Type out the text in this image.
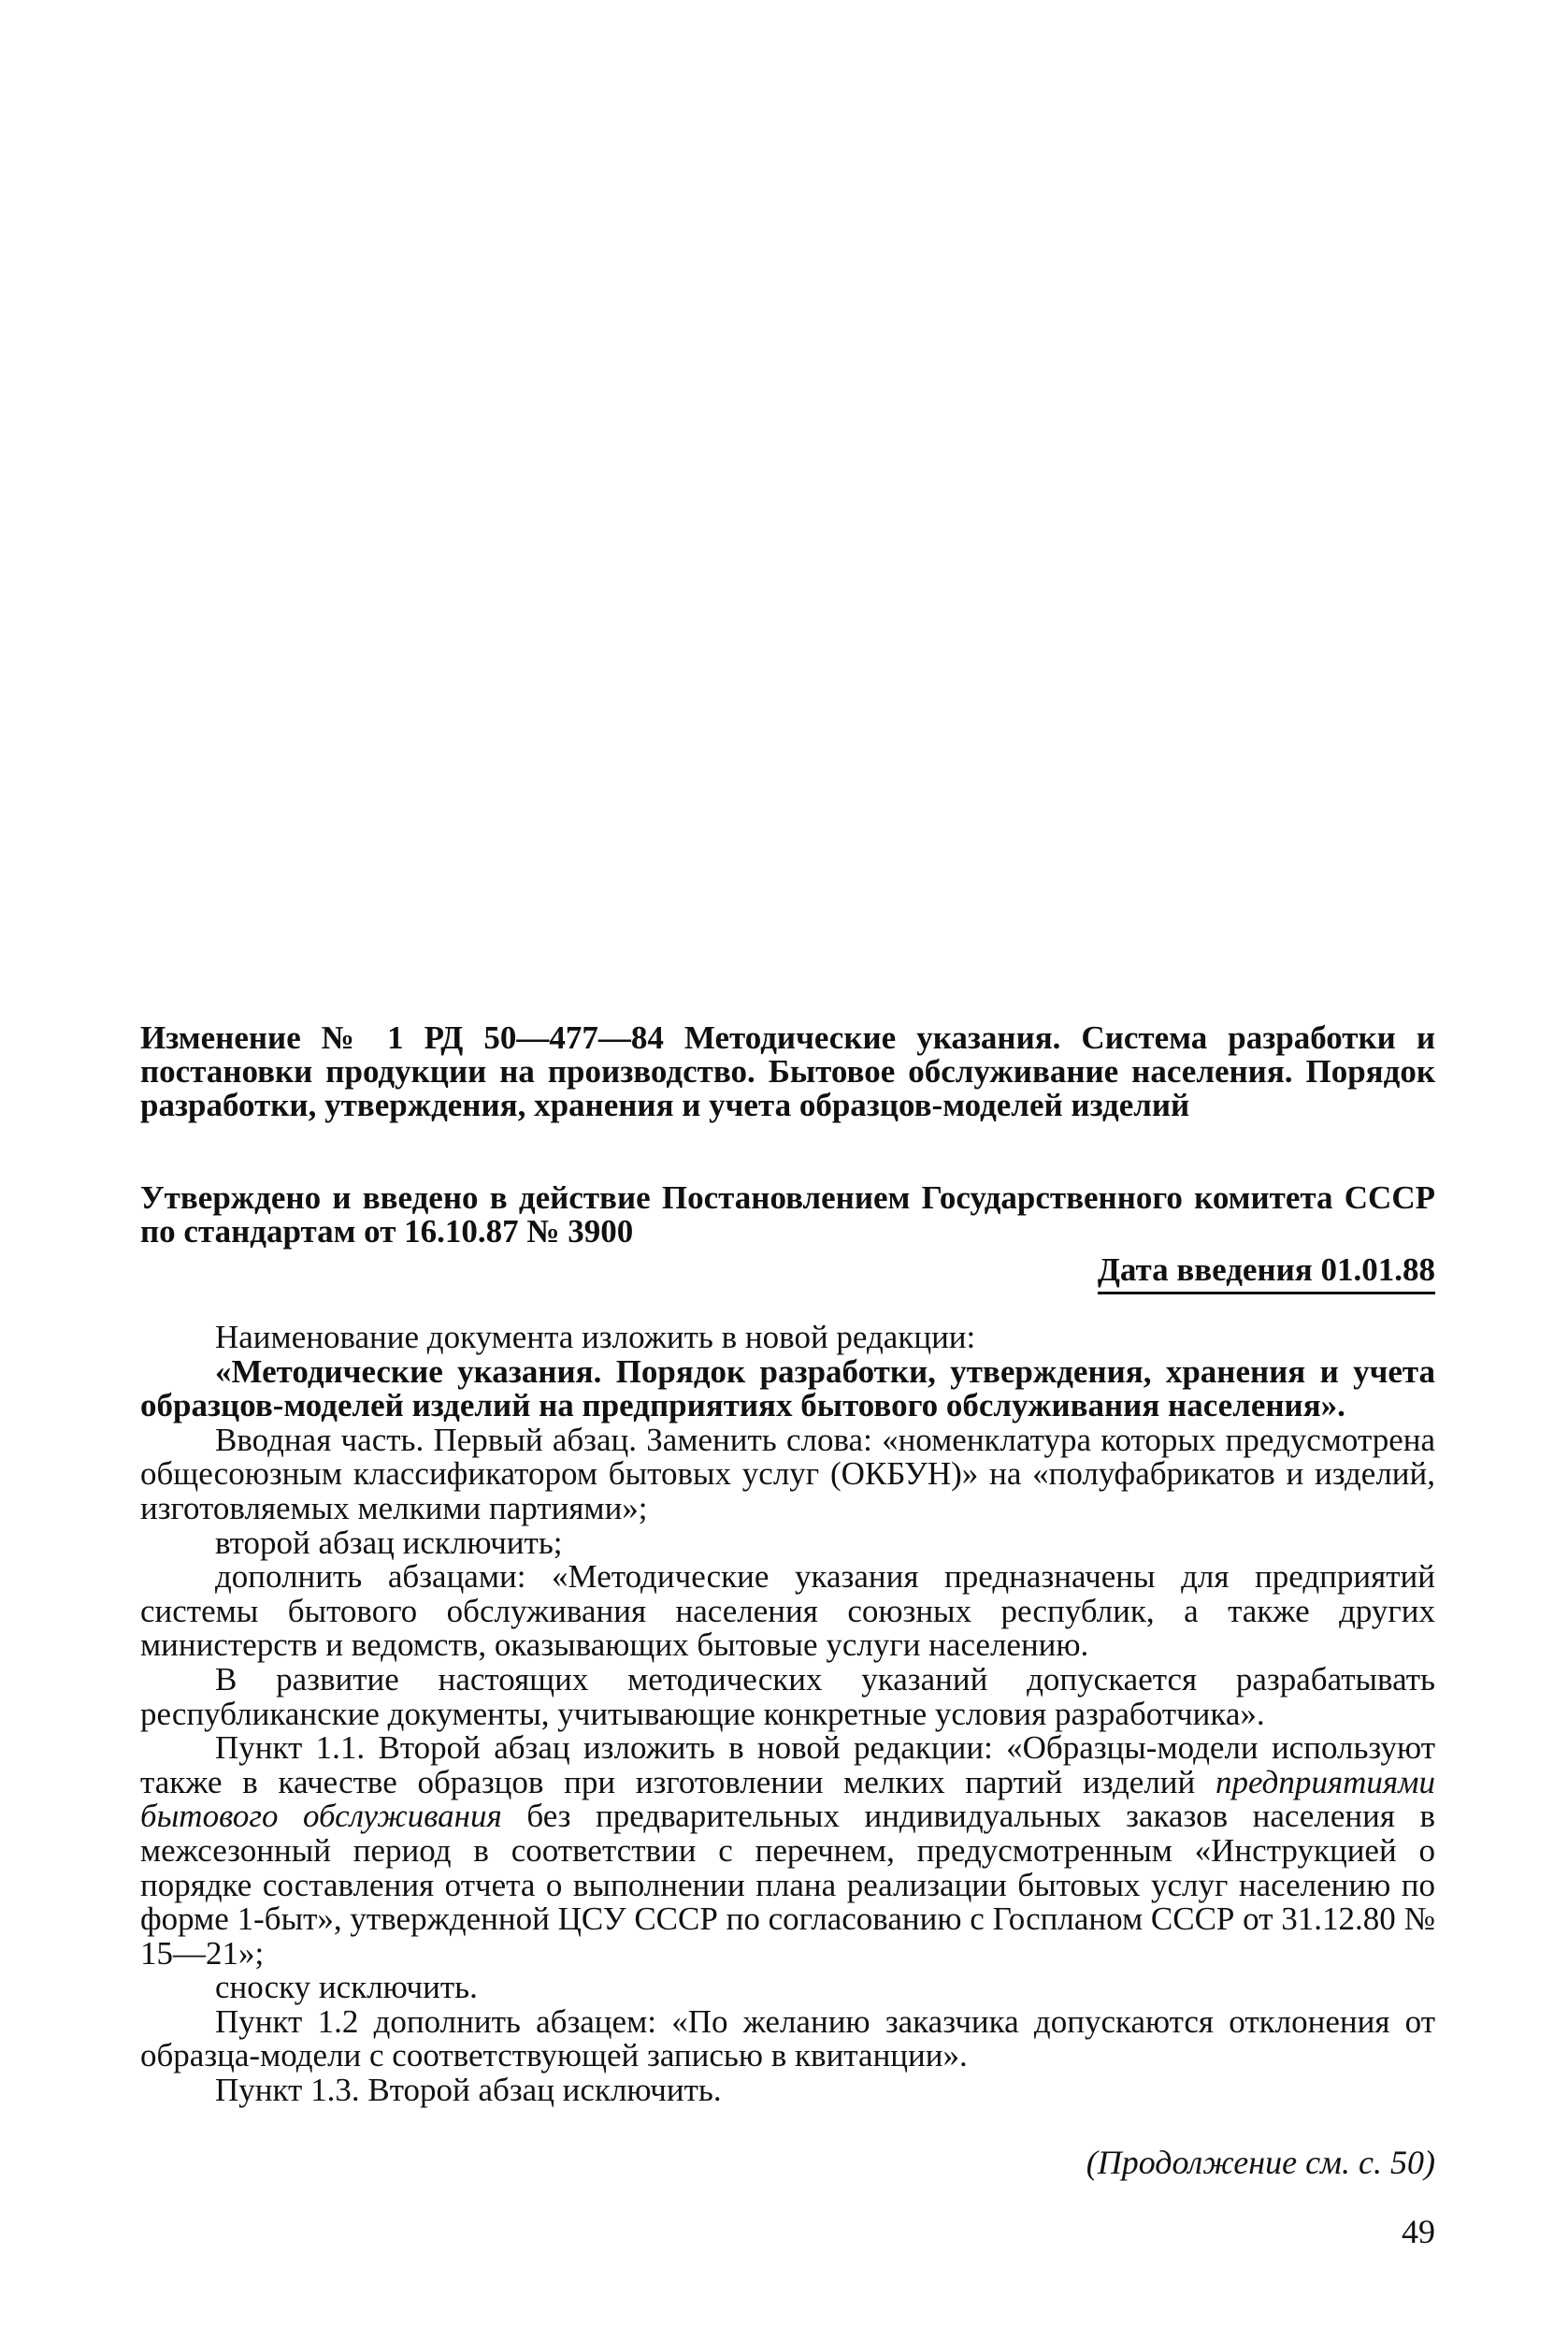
Изменение № 1 РД 50—477—84 Методические указания. Система разработки и постановки продукции на производство. Бытовое обслуживание населения. Порядок разработки, утверждения, хранения и учета образцов-моделей изделий
Утверждено и введено в действие Постановлением Государственного комитета СССР по стандартам от 16.10.87 № 3900
Дата введения 01.01.88

Наименование документа изложить в новой редакции:

«Методические указания. Порядок разработки, утверждения, хранения и учета образцов-моделей изделий на предприятиях бытового обслуживания населения».

Вводная часть. Первый абзац. Заменить слова: «номенклатура которых предусмотрена общесоюзным классификатором бытовых услуг (ОКБУН)» на «полуфабрикатов и изделий, изготовляемых мелкими партиями»;

второй абзац исключить;

дополнить абзацами: «Методические указания предназначены для предприятий системы бытового обслуживания населения союзных республик, а также других министерств и ведомств, оказывающих бытовые услуги населению.

В развитие настоящих методических указаний допускается разрабатывать республиканские документы, учитывающие конкретные условия разработчика».

Пункт 1.1. Второй абзац изложить в новой редакции: «Образцы-модели используют также в качестве образцов при изготовлении мелких партий изделий предприятиями бытового обслуживания без предварительных индивидуальных заказов населения в межсезонный период в соответствии с перечнем, предусмотренным «Инструкцией о порядке составления отчета о выполнении плана реализации бытовых услуг населению по форме 1-быт», утвержденной ЦСУ СССР по согласованию с Госпланом СССР от 31.12.80 № 15—21»;

сноску исключить.

Пункт 1.2 дополнить абзацем: «По желанию заказчика допускаются отклонения от образца-модели с соответствующей записью в квитанции».

Пункт 1.3. Второй абзац исключить.

(Продолжение см. с. 50)
49
